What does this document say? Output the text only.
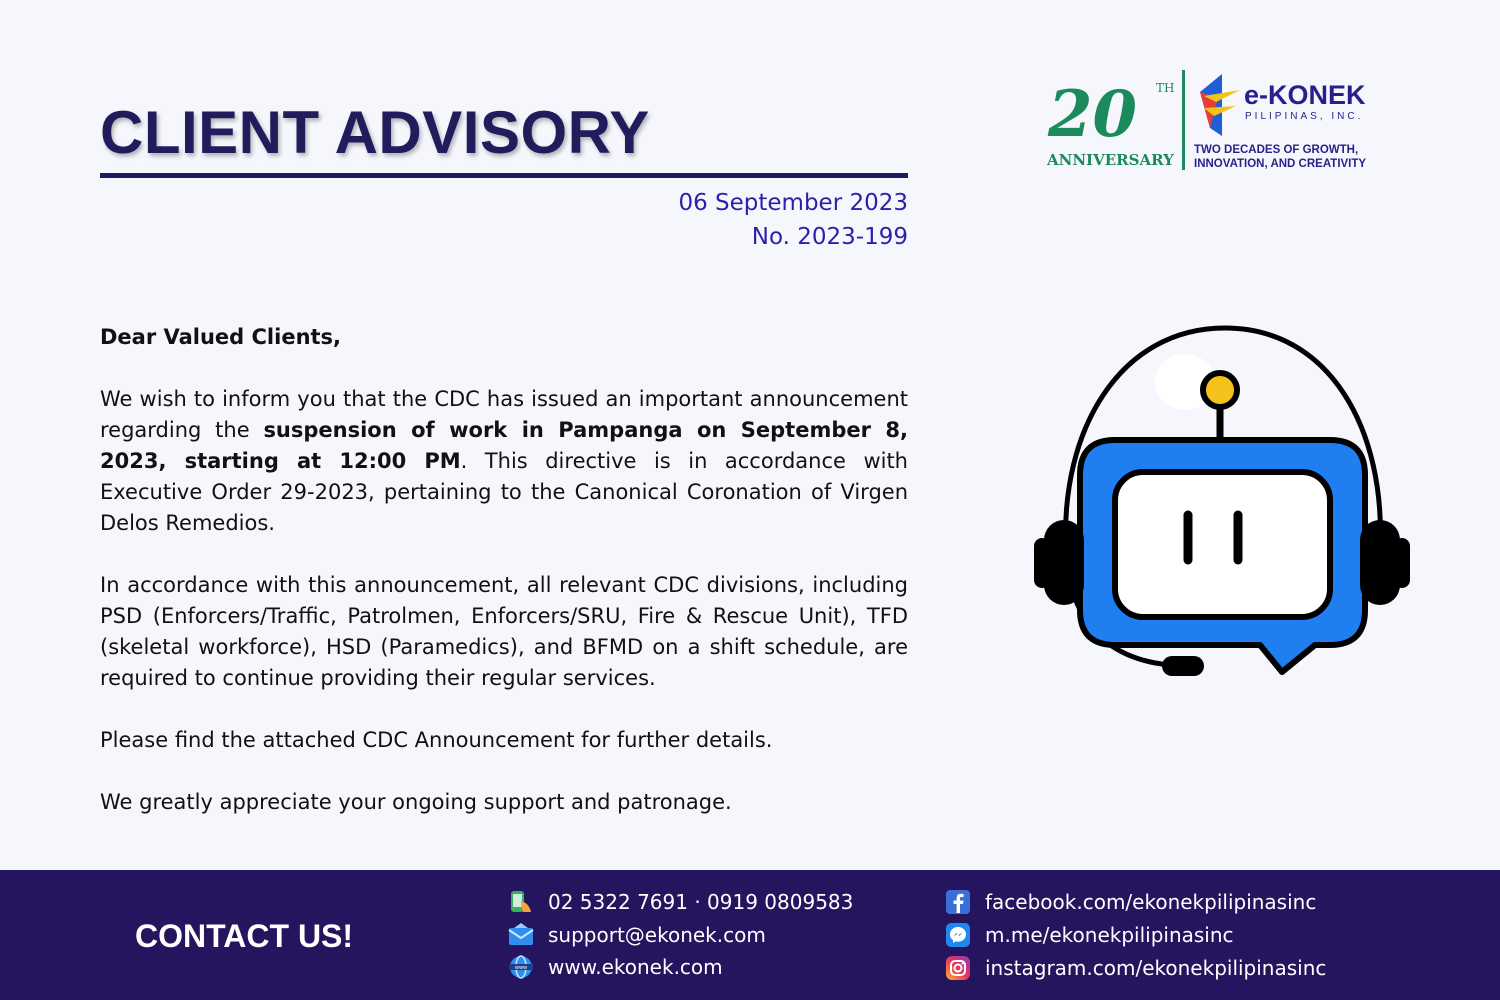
CLIENT ADVISORY
06 September 2023
No. 2023-199
20 TH
ANNIVERSARY
e-KONEK
PILIPINAS, INC.
TWO DECADES OF GROWTH,
INNOVATION, AND CREATIVITY

Dear Valued Clients,

We wish to inform you that the CDC has issued an important announcement regarding the suspension of work in Pampanga on September 8, 2023, starting at 12:00 PM. This directive is in accordance with Executive Order 29-2023, pertaining to the Canonical Coronation of Virgen Delos Remedios.

In accordance with this announcement, all relevant CDC divisions, including PSD (Enforcers/Traffic, Patrolmen, Enforcers/SRU, Fire & Rescue Unit), TFD (skeletal workforce), HSD (Paramedics), and BFMD on a shift schedule, are required to continue providing their regular services.

Please find the attached CDC Announcement for further details.

We greatly appreciate your ongoing support and patronage.

CONTACT US!
02 5322 7691 · 0919 0809583
support@ekonek.com
www www.ekonek.com
facebook.com/ekonekpilipinasinc
m.me/ekonekpilipinasinc
instagram.com/ekonekpilipinasinc
